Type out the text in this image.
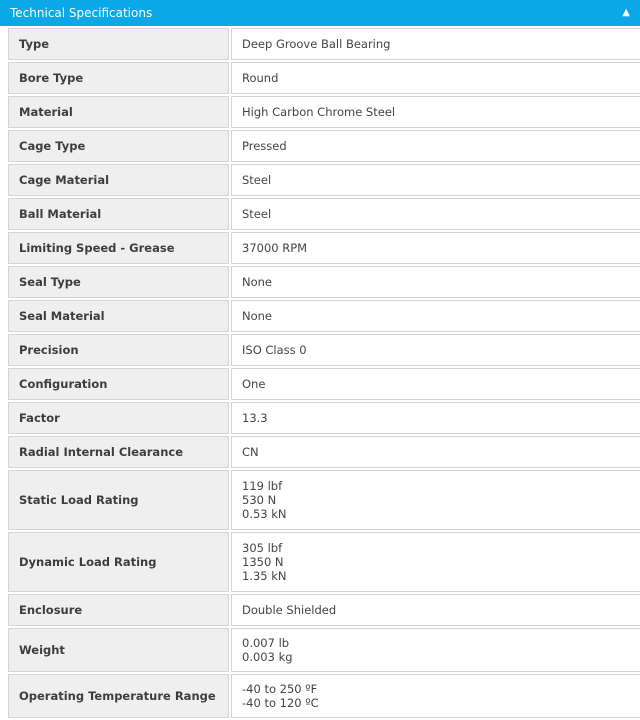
Technical Specifications	▲
Type	Deep Groove Ball Bearing

Bore Type	Round

Material	High Carbon Chrome Steel

Cage Type	Pressed

Cage Material	Steel

Ball Material	Steel

Limiting Speed - Grease	37000 RPM

Seal Type	None

Seal Material	None

Precision	ISO Class 0

Configuration	One

Factor	13.3

Radial Internal Clearance	CN

Static Load Rating	119 lbf
530 N
0.53 kN

Dynamic Load Rating	305 lbf
1350 N
1.35 kN

Enclosure	Double Shielded

Weight	0.007 lb
0.003 kg

Operating Temperature Range	-40 to 250 ºF
-40 to 120 ºC
